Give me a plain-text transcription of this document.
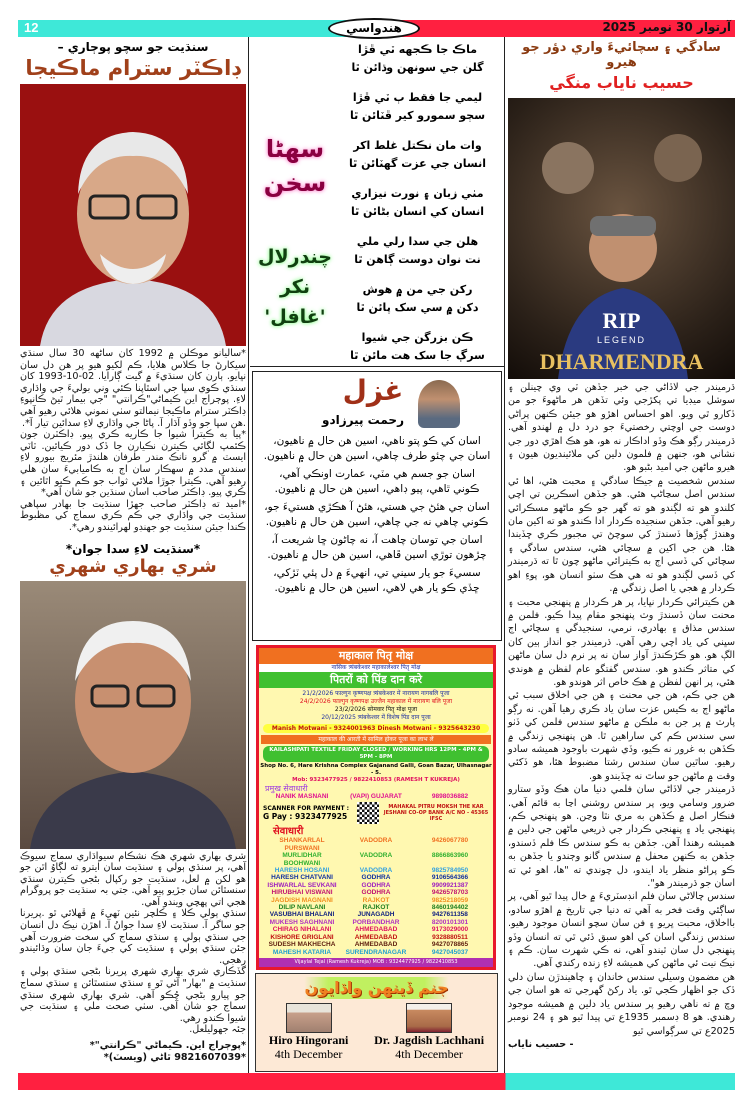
12	هندواسي	آرتوار 30 نومبر 2025
سادگي ۽ سچائيءَ واري دؤر جو هيرو
حسيب ناياب منگي
RIP
LEGEND
DHARMENDRA

ڌرميندر جي لاڏاڻي جي خبر جڏهن ٽي وي چينلن ۽ سوشل ميڊيا تي پکڙجي وئي تڏهن هر ماڻهوءَ جو من ڏکارو ٿي ويو. اهو احساس اهڙو هو جيئن ڪنهن پراڻي دوست جي اوچتي رخصتيءَ جو درد دل ۾ لهندو آهي. ڌرميندر رڳو هڪ وڏو اداڪار نه هو، هو هڪ اهڙي دور جي نشاني هو، جنهن ۾ فلمون دلين کي ملائينديون هيون ۽ هيرو ماڻهن جي اميد بڻبو هو.

سندس شخصيت ۾ جيڪا سادگي ۽ محبت هئي، اها ئي سندس اصل سڃاڻپ هئي. هو جڏهن اسڪرين تي اچي کلندو هو ته لڳندو هو ته گهر جو ڪو ماڻهو مسڪرائي رهيو آهي. جڏهن سنجيده ڪردار ادا ڪندو هو ته اکين مان وهندڙ ڳوڙها ڏسندڙ کي سوچڻ تي مجبور ڪري ڇڏيندا هئا. هن جي اکين ۾ سچائي هئي، سندس سادگي ۽ سچائي کي ڏسي اڄ به ڪيترائي ماڻهو چون ٿا ته ڌرميندر کي ڏسي لڳندو هو ته هي هڪ سٺو انسان هو، پوءِ اهو ڪردار ۾ هجي يا اصل زندگي ۾.

هن ڪيترائي ڪردار نڀايا، پر هر ڪردار ۾ پنهنجي محبت ۽ محنت سان ڏسندڙ وٽ پنهنجو مقام پيدا ڪيو. فلمن ۾ سندس مذاق ۽ بهادري، نرمي، سنجيدگي ۽ سچائي اڄ سڀني کي ياد اچي رهي آهي. ڌرميندر جو انداز ٻين کان الڳ هو. هو ڪڙڪندڙ آواز سان نه پر نرم دل سان ماڻهن کي متاثر ڪندو هو. سندس گفتگو عام لفظن ۾ هوندي هئي، پر انهن لفظن ۾ هڪ خاص اثر هوندو هو.

هن جي ڪم، هن جي محنت ۽ هن جي اخلاق سبب ئي ماڻهو اڄ به ڪيس عزت سان ياد ڪري رهيا آهن. نه رڳو پارٽ ۾ پر جن به ملڪن ۾ ماڻهو سندس فلمن کي ڏٺو سي سندس ڪم کي ساراهين ٿا. هن پنهنجي زندگي ۾ ڪڏهن به غرور نه ڪيو، وڏي شهرت باوجود هميشه سادو رهيو. ساٿين سان سندس رشتا مضبوط هئا، هو ڏکئي وقت ۾ ماڻهن جو ساٿ نه ڇڏيندو هو.

ڌرميندر جي لاڏاڻي سان فلمي دنيا مان هڪ وڏو ستارو ضرور وسامي ويو، پر سندس روشني اڃا به قائم آهي. فنڪار اصل ۾ ڪڏهن به مري نٿا وڃن. هو پنهنجي ڪم، پنهنجي ياد ۽ پنهنجي ڪردار جي ذريعي ماڻهن جي دلين ۾ هميشه رهندا آهن. جڏهن به ڪو سندس ڪا فلم ڏسندو، جڏهن به ڪنهن محفل ۾ سندس گانو وڄندو يا جڏهن به ڪو پراڻو منظر ياد ايندو، دل چوندي ته "ها، اهو ئي ته اسان جو ڌرميندر هو".

سندس چالاڻي سان فلم انڊسٽريءَ ۾ خال پيدا ٿيو آهي، پر ساڳئي وقت فخر به آهي ته دنيا جي تاريخ ۾ اهڙو سادو، بااخلاق، محبت ڀريو ۽ فن سان سچو انسان موجود رهيو. سندس زندگي اسان کي اهو سبق ڏئي ٿي ته انسان وڏو پنهنجي دل سان ٿيندو آهي، نه ڪي شهرت سان. ڪم ۽ نيڪ نيت ئي ماڻهن کي هميشه لاءِ زنده رکندي آهي.

هن مضمون وسيلي سندس خاندان ۽ چاهيندڙن سان دلي ڏک جو اظهار ڪجي ٿو. ياد رکڻ گهرجي ته هو اسان جي وچ ۾ ته ناهي رهيو پر سندس ياد دلين ۾ هميشه موجود رهندي. هو 8 ڊسمبر 1935ع تي پيدا ٿيو هو ۽ 24 نومبر 2025ع تي سرڳواسي ٿيو

- حسيب ناياب

ماڪ جا ڪجهه ٽي ڦڙا
گلن جي سونهن وڌائن ٿا
ليمي جا فقط ٻ ٽي ڦڙا
سڄو سمورو کير ڦٽائن ٿا
وات مان نڪتل غلط اکر
انسان جي عزت گهٽائن ٿا
مٺي زبان ۽ نورت نيزاري
انسان کي انسان بڻائن ٿا
هلن جي سدا رلي ملي
نت نوان دوست ڳاهن ٿا
رکن جي من ۾ هوش
دکن ۾ سي سک پائن ٿا
ڪن بزرگن جي شيوا
سرڳ جا سک هت مائن ٿا
سهڻا سخن
چندرلال نکر 'غافل'
غزل
رحمت پيرزادو

اسان کي ڪو پتو ناهي، اسين هن حال ۾ ناهيون،
اسان جي چئو طرف چاهي، اسين هن حال ۾ ناهيون.

اسان جو جسم هي مٽي، عمارت اونڪي آهي،
ڪوني ٿاهي، پيو ڊاهي، اسين هن حال ۾ ناهيون.

اسان جي هئڻ جي هستي، هئڻ آ هڪڙي هستيءَ جو،
ڪوني چاهي نه جي چاهي، اسين هن حال ۾ ناهيون.

اسان جي توسان چاهت آ، نه چاڻون ڇا شريعت آ،
چڙهون توڙي اسين ڦاهي، اسين هن حال ۾ ناهيون.

سسيءَ جو يار سيني تي، انهيءَ ۾ دل پئي ٽڙکي،
ڇڏي ڪو يار هي لاهي، اسين هن حال ۾ ناهيون.

महाकाल पितृ मोक्ष
नासिक त्र्यंबकेश्वर महाकालेश्वर पितृ मोक्ष
पितरों को पिंड दान करे
21/2/2026 फाल्गुन कृष्णपक्ष त्र्यंबकेश्वर में नारायण नागबलि पूजा
24/2/2026 फाल्गुन कृष्णपक्ष उज्जैन महाकाल में नारायण बलि पूजा
23/2/2026 सोमवार पितृ मोक्ष पूजा
20/12/2025 त्र्यंबकेश्वर में विशेष पिंड दान पूजा
Manish Motwani - 9324001963 Dinesh Motwani - 9325643230
महाकाल की आरती में सामिल होकर पूजा का लाभ लें
KAILASHPATI TEXTILE FRIDAY CLOSED / WORKING HRS 12PM - 4PM & 5PM - 8PM
Shop No. 6, Hare Krishna Complex Gajanand Galli, Goan Bazar, Ulhasnagar - 5.
Mob: 9323477925 / 9822410853 (RAMESH T KUKREJA)
प्रमुख सेवाधारी
NANIK MASNANI	(VAPI) GUJARAT	9898036882
SCANNER FOR PAYMENT :
G Pay : 9323477925
MAHAKAL PITRU MOKSH THE KAR JESHANI CO-OP BANK A/C NO - 45365 IFSC
सेवाधारी
SHANKARLAL PURSWANI
VADODRA	9426067780
MURLIDHAR BOOHWANI
VADODRA	8866863960
HARESH HOSANI	VADODRA	9825784950
HARESH CHATVANI	GODHRA	9106564366
ISHWARLAL SEVKANI	GODHRA	9909921387
HIRUBHAI VISWANI	GODHRA	9426578703
JAGDISH MAGNANI	RAJKOT	9825218059
DILIP NAVLANI	RAJKOT	8460194402
VASUBHAI BHALANI	JUNAGADH	9427611358
MUKESH SAGHNANI	PORBANDHAR	8200101301
CHIRAG NIHALANI	AHMEDABAD	9173029000
KISHORE GRIGLANI	AHMEDABAD	9328880511
SUDESH MAKHECHA	AHMEDABAD	9427078865
MAHESH KATARIA	SURENDRANAGAR	9427045037
Vijaylal Tejal (Ramesh Kukreja) MOB : 9324477925 / 9822410853
جنم ڏينهن واڌايون
Hiro Hingorani
4th December
Dr. Jagdish Lachhani
4th December
سنڌيت جو سچو پوڄاري –
ڊاڪٽر سترام ماڪيجا

*ساليانو موڪلن ۾ 1992 کان ساڻهه 30 سال سنڌي سيکارڻ جا ڪلاس هلايا، ڪم لکيو هيو پر هن دل سان نڀايو. ٻارن کان سنڌيءَ ۾ گيت ڳارايا. 02-10-1993 کان سنڌي ڪوي سڀا جي اسٿاپنا ڪئي وني بوليءَ جي واڌاري لاءِ. پوڄراج اين ڪيماڻي"ڪرانتي" "جي بيمار ٿيڻ ڪانپوءِ ڊاڪٽر سترام ماڪيجا نيمالتو سٺي نموني هلائي رهيو آهي .هن سڀا جو وڏو آڌار آ. پاڻا جي واڌاري لاءِ سدائين تيار آ*.

*پيا به ڪيترا شيوا جا ڪاريه ڪري پيو. ڊاڪٽرن جون ڪئمپ لڳائي ڪيترن نڪيارن جا ڏک دور ڪيائين. ٽاٽي ايسٽ ۾ گرو نانڪ مندر طرفان هلندڙ مئريج بيورو لاءِ سندس مدد ۾ سهڪار سان اڄ به ڪاميابيءَ سان هلي رهيو آهي. ڪيترا جوڙا ملائي ثواب جو ڪم ڪيو اٿائين ۽ ڪري پيو. ڊاڪٽر صاحب اسان سنڌين جو شان آهي*

*اميد ته ڊاڪٽر صاحب جهڙا سنڌيت جا بهادر سپاهي سنڌيت جي واڌاري جي ڪم ڪري سماج کي مظبوط ڪندا جيئن سنڌيت جو جهنڊو لهرائيندو رهي*.

*سنڌيت لاءِ سدا جوان*
شري بهاري شهري

شري بهاري شهري هڪ نشڪام سيواڌاري سماج سيوڪ آهي، پر سنڌي ٻولي ۽ سنڌيت سان ايترو ته لڳاوُ اٿن جو هو لکن ۾ لعل، سنڌيت جو رکپال بڻجي ڪيترن سنڌي سنسٿائن سان جڙيو پيو آهي. جتي بہ سنڌيت جو پروگرام هجي اتي پهچي ويندو آهي.

سنڌي ٻولي ڪلا ۽ ڪلچر نئين ٽهيءَ ۾ ڦهلائي ٿو .پريرنا جو ساگر آ. سنڌيت لاءِ سدا جوانُ آ. اهڙن نيڪ دل انسان جي سنڌي ٻولي ۽ سنڌي سماج کي سخت ضرورت آهي جئن سنڌي ٻولي ۽ سنڌيت کي جيءَ جان سان وڌائيندو رهجي.

گڏڪاري شري بهاري شهري پريرنا بڻجي سنڌي ٻولي ۽ سنڌيت ۾ "بهار" آڻي ٿو ۽ سنڌي سنسٿائن ۽ سنڌي سماج جو پيارو بڻجي چُڪو آهي. شري بهاري شهري سنڌي سماج جو شان آهي. سٺي صحت ملي ۽ سنڌيت جي شيوا ڪندو رهي.

جئہ جهوليلعل.

*پوڄراج اين. ڪيماڻي "ڪرانتي"*

*9821607039 ٿاڻي (ويسٽ)*
